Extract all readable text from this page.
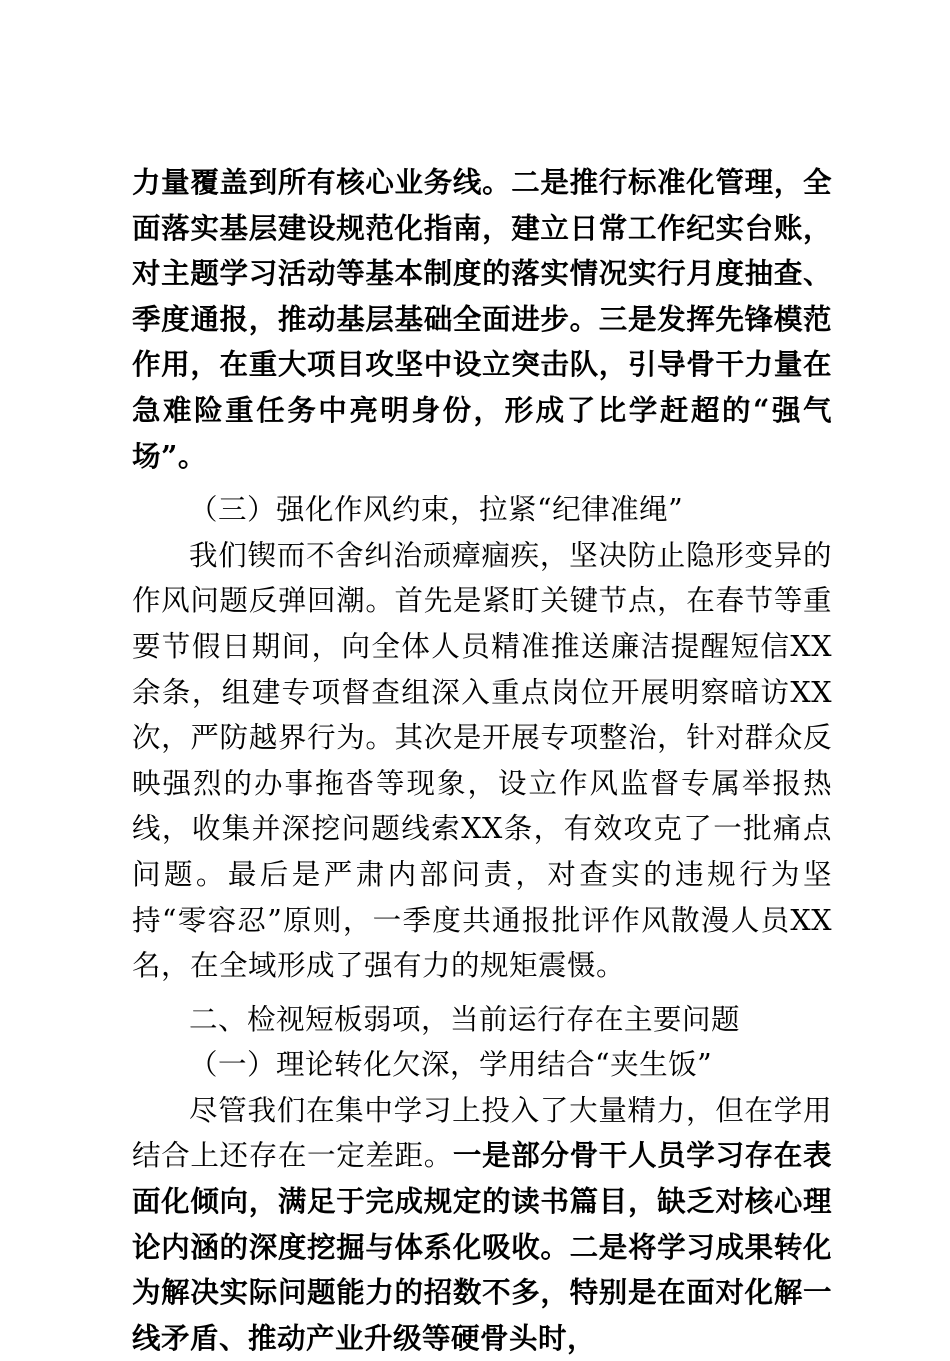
力量覆盖到所有核心业务线。二是推行标准化管理，全面落实基层建设规范化指南，建立日常工作纪实台账，对主题学习活动等基本制度的落实情况实行月度抽查、季度通报，推动基层基础全面进步。三是发挥先锋模范作用，在重大项目攻坚中设立突击队，引导骨干力量在急难险重任务中亮明身份，形成了比学赶超的“强气场”。

（三）强化作风约束，拉紧“纪律准绳”

我们锲而不舍纠治顽瘴痼疾，坚决防止隐形变异的作风问题反弹回潮。首先是紧盯关键节点，在春节等重要节假日期间，向全体人员精准推送廉洁提醒短信XX余条，组建专项督查组深入重点岗位开展明察暗访XX次，严防越界行为。其次是开展专项整治，针对群众反映强烈的办事拖沓等现象，设立作风监督专属举报热线，收集并深挖问题线索XX条，有效攻克了一批痛点问题。最后是严肃内部问责，对查实的违规行为坚持“零容忍”原则，一季度共通报批评作风散漫人员XX名，在全域形成了强有力的规矩震慑。

二、检视短板弱项，当前运行存在主要问题

（一）理论转化欠深，学用结合“夹生饭”

尽管我们在集中学习上投入了大量精力，但在学用结合上还存在一定差距。一是部分骨干人员学习存在表面化倾向，满足于完成规定的读书篇目，缺乏对核心理论内涵的深度挖掘与体系化吸收。二是将学习成果转化为解决实际问题能力的招数不多，特别是在面对化解一线矛盾、推动产业升级等硬骨头时，
